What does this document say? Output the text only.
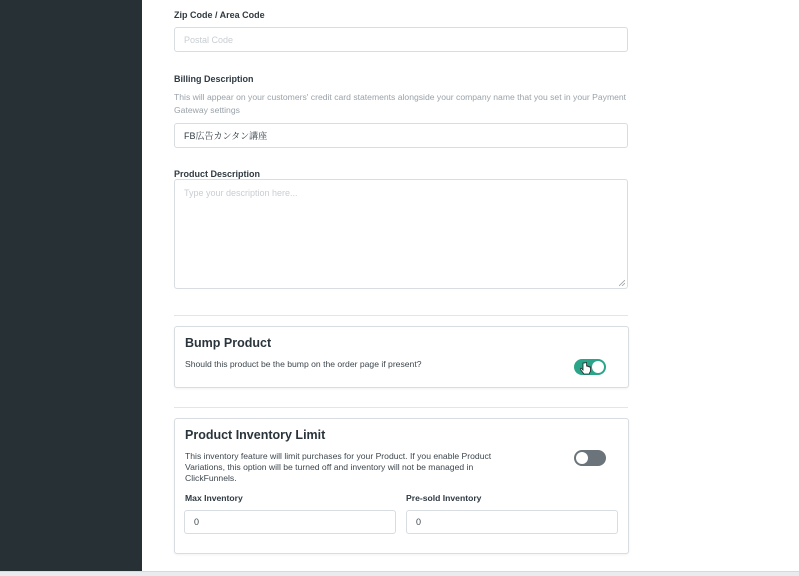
Zip Code / Area Code
Postal Code
Billing Description
This will appear on your customers' credit card statements alongside your company name that you set in your Payment Gateway settings
FB広告カンタン講座
Product Description
Type your description here...
Bump Product
Should this product be the bump on the order page if present?
Product Inventory Limit
This inventory feature will limit purchases for your Product. If you enable Product Variations, this option will be turned off and inventory will not be managed in ClickFunnels.
Max Inventory
0
Pre-sold Inventory
0
